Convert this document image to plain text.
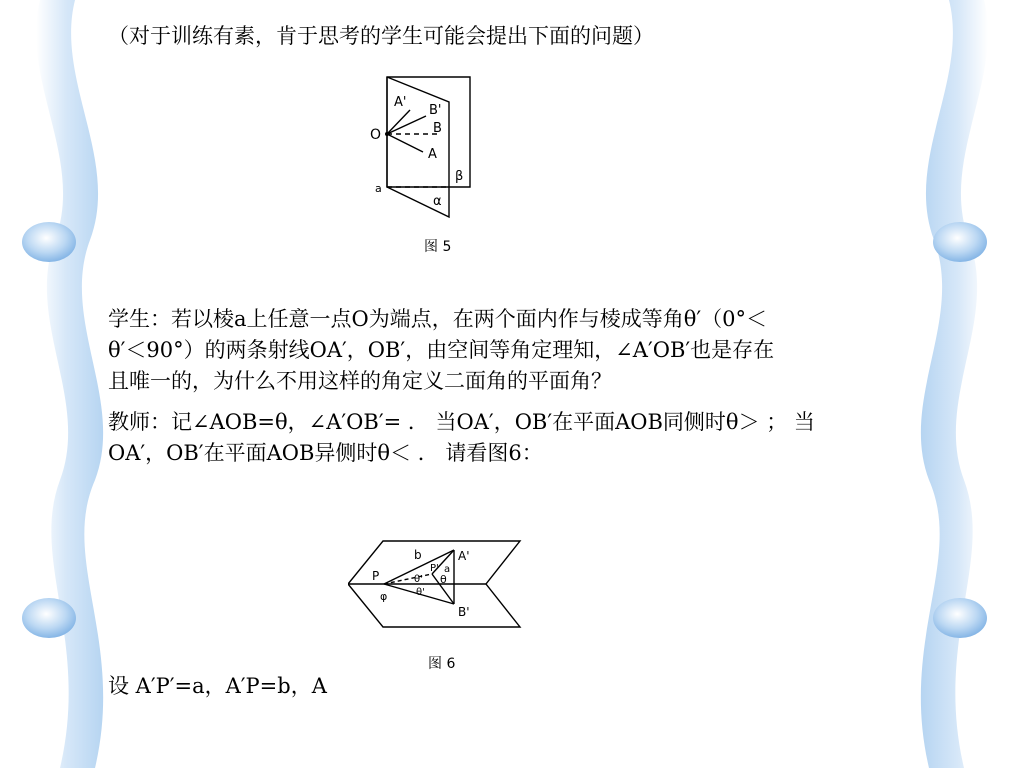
（对于训练有素，肯于思考的学生可能会提出下面的问题）
A'
B'
B
O
A
β
a
α
图 5
学生：若以棱a上任意一点O为端点，在两个面内作与棱成等角θ′（0°＜
θ′＜90°）的两条射线OA′，OB′，由空间等角定理知，∠A′OB′也是存在
且唯一的，为什么不用这样的角定义二面角的平面角？
教师：记∠AOB=θ，∠A′OB′= ． 当OA′，OB′在平面AOB同侧时θ＞ ； 当
OA′，OB′在平面AOB异侧时θ＜ ． 请看图6：
b	A'
P
P' a
θ' θ
θ'
φ
B'
图 6
设 A′P′=a，A′P=b，A
